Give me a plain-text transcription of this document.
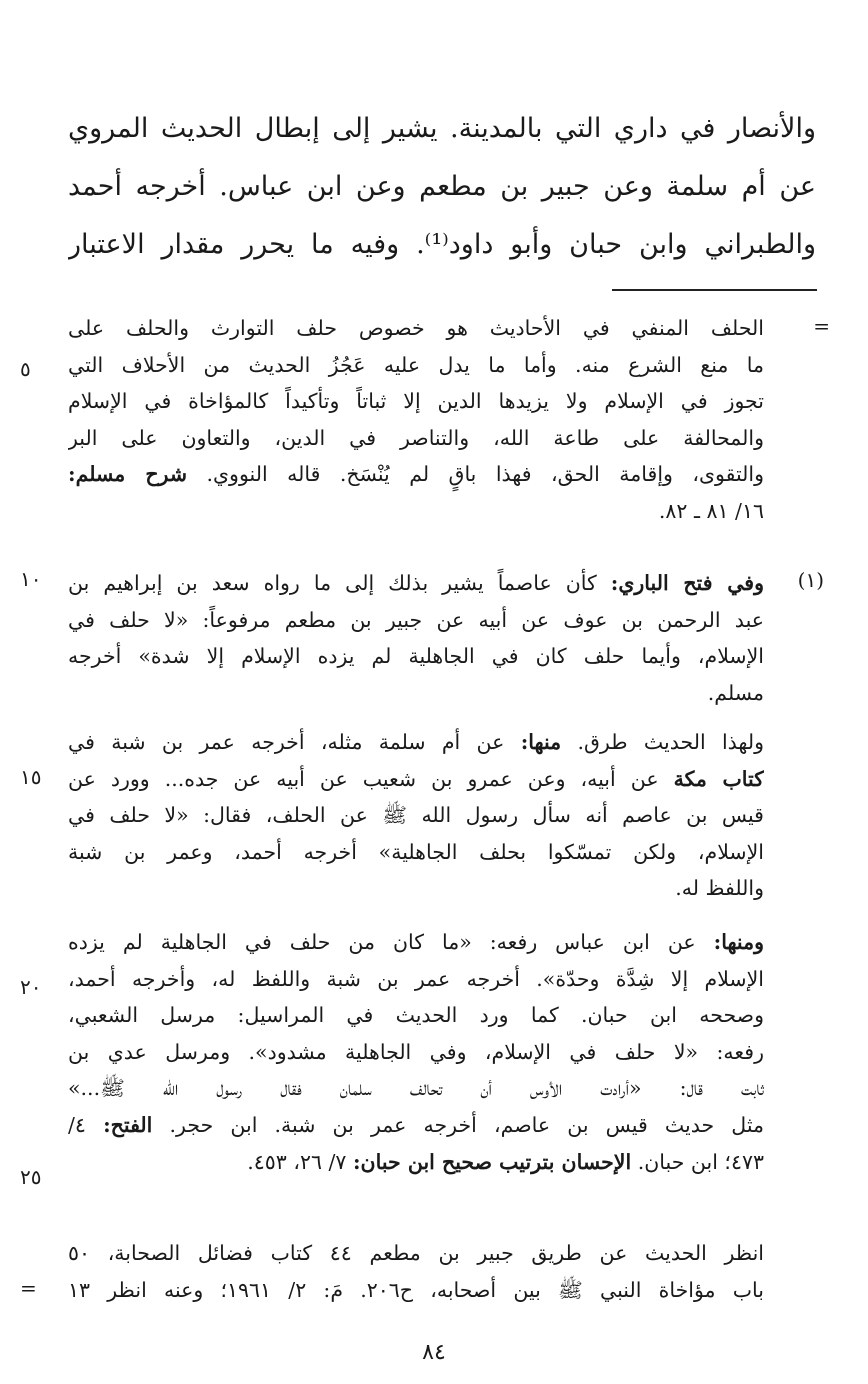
والأنصار في داري التي بالمدينة. يشير إلى إبطال الحديث المروي
عن أم سلمة وعن جبير بن مطعم وعن ابن عباس. أخرجه أحمد
والطبراني وابن حبان وأبو داود⁽¹⁾. وفيه ما يحرر مقدار الاعتبار
=
الحلف المنفي في الأحاديث هو خصوص حلف التوارث والحلف على
ما منع الشرع منه. وأما ما يدل عليه عَجُزُ الحديث من الأحلاف التي
تجوز في الإسلام ولا يزيدها الدين إلا ثباتاً وتأكيداً كالمؤاخاة في الإسلام
والمحالفة على طاعة الله، والتناصر في الدين، والتعاون على البر
والتقوى، وإقامة الحق، فهذا باقٍ لم يُنْسَخ. قاله النووي. شرح مسلم:
١٦/ ٨١ ـ ٨٢.
(١)
وفي فتح الباري: كأن عاصماً يشير بذلك إلى ما رواه سعد بن إبراهيم بن
عبد الرحمن بن عوف عن أبيه عن جبير بن مطعم مرفوعاً: «لا حلف في
الإسلام، وأيما حلف كان في الجاهلية لم يزده الإسلام إلا شدة» أخرجه
مسلم.
ولهذا الحديث طرق. منها: عن أم سلمة مثله، أخرجه عمر بن شبة في
كتاب مكة عن أبيه، وعن عمرو بن شعيب عن أبيه عن جده... وورد عن
قيس بن عاصم أنه سأل رسول الله ﷺ عن الحلف، فقال: «لا حلف في
الإسلام، ولكن تمسّكوا بحلف الجاهلية» أخرجه أحمد، وعمر بن شبة
واللفظ له.
ومنها: عن ابن عباس رفعه: «ما كان من حلف في الجاهلية لم يزده
الإسلام إلا شِدَّة وحدّة». أخرجه عمر بن شبة واللفظ له، وأخرجه أحمد،
وصححه ابن حبان. كما ورد الحديث في المراسيل: مرسل الشعبي،
رفعه: «لا حلف في الإسلام، وفي الجاهلية مشدود». ومرسل عدي بن
ثابت قال: «أرادت الأوس أن تحالف سلمان فقال رسول الله ﷺ...»
مثل حديث قيس بن عاصم، أخرجه عمر بن شبة. ابن حجر. الفتح: ٤/
٤٧٣؛ ابن حبان. الإحسان بترتيب صحيح ابن حبان: ٧/ ٢٦، ٤٥٣.
انظر الحديث عن طريق جبير بن مطعم ٤٤ كتاب فضائل الصحابة، ٥٠
باب مؤاخاة النبي ﷺ بين أصحابه، ح٢٠٦. مَ: ٢/ ١٩٦١؛ وعنه انظر ١٣
=
٥
١٠
١٥
٢٠
٢٥
٨٤
